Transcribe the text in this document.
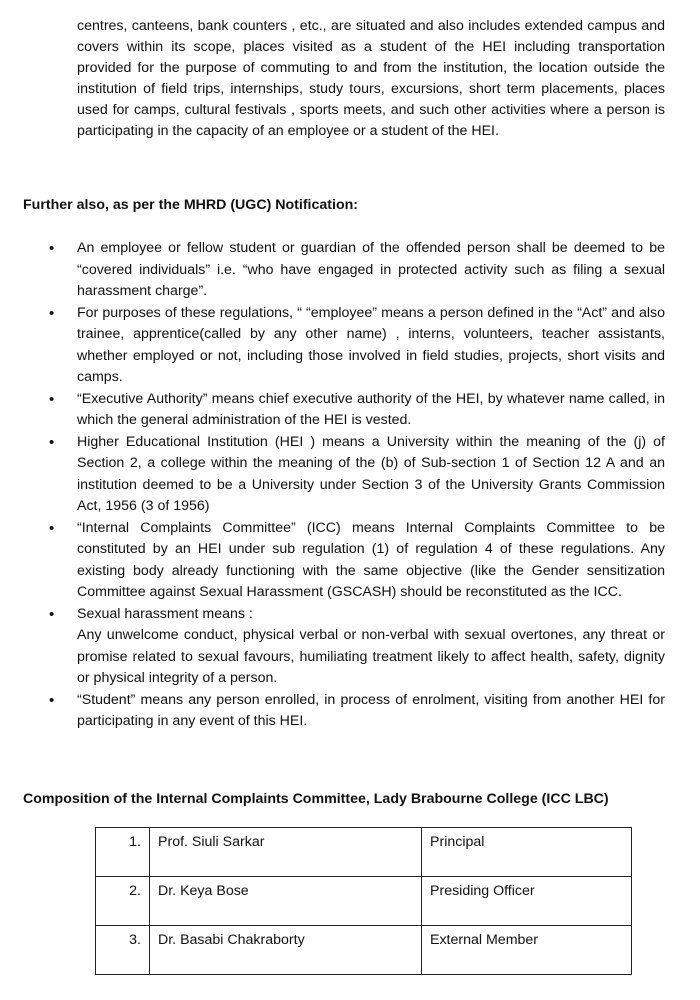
centres, canteens, bank counters , etc., are situated and also includes extended campus and covers within its scope, places visited as a student of the HEI including transportation provided for the purpose of commuting to and from the institution, the location outside the institution of field trips, internships, study tours, excursions, short term placements, places used for camps, cultural festivals , sports meets, and such other activities where a person is participating in the capacity of an employee or a student of the HEI.

Further also, as per the MHRD (UGC) Notification:

• An employee or fellow student or guardian of the offended person shall be deemed to be “covered individuals” i.e. “who have engaged in protected activity such as filing a sexual harassment charge”.
• For purposes of these regulations, “ “employee” means a person defined in the “Act” and also trainee, apprentice(called by any other name) , interns, volunteers, teacher assistants, whether employed or not, including those involved in field studies, projects, short visits and camps.
• “Executive Authority” means chief executive authority of the HEI, by whatever name called, in which the general administration of the HEI is vested.
• Higher Educational Institution (HEI ) means a University within the meaning of the (j) of Section 2, a college within the meaning of the (b) of Sub-section 1 of Section 12 A and an institution deemed to be a University under Section 3 of the University Grants Commission Act, 1956 (3 of 1956)
• “Internal Complaints Committee” (ICC) means Internal Complaints Committee to be constituted by an HEI under sub regulation (1) of regulation 4 of these regulations. Any existing body already functioning with the same objective (like the Gender sensitization Committee against Sexual Harassment (GSCASH) should be reconstituted as the ICC.
• Sexual harassment means :
Any unwelcome conduct, physical verbal or non-verbal with sexual overtones, any threat or promise related to sexual favours, humiliating treatment likely to affect health, safety, dignity or physical integrity of a person.
• “Student” means any person enrolled, in process of enrolment, visiting from another HEI for participating in any event of this HEI.

Composition of the Internal Complaints Committee, Lady Brabourne College (ICC LBC)

1.	Prof. Siuli Sarkar	Principal
2.	Dr. Keya Bose	Presiding Officer
3.	Dr. Basabi Chakraborty	External Member
